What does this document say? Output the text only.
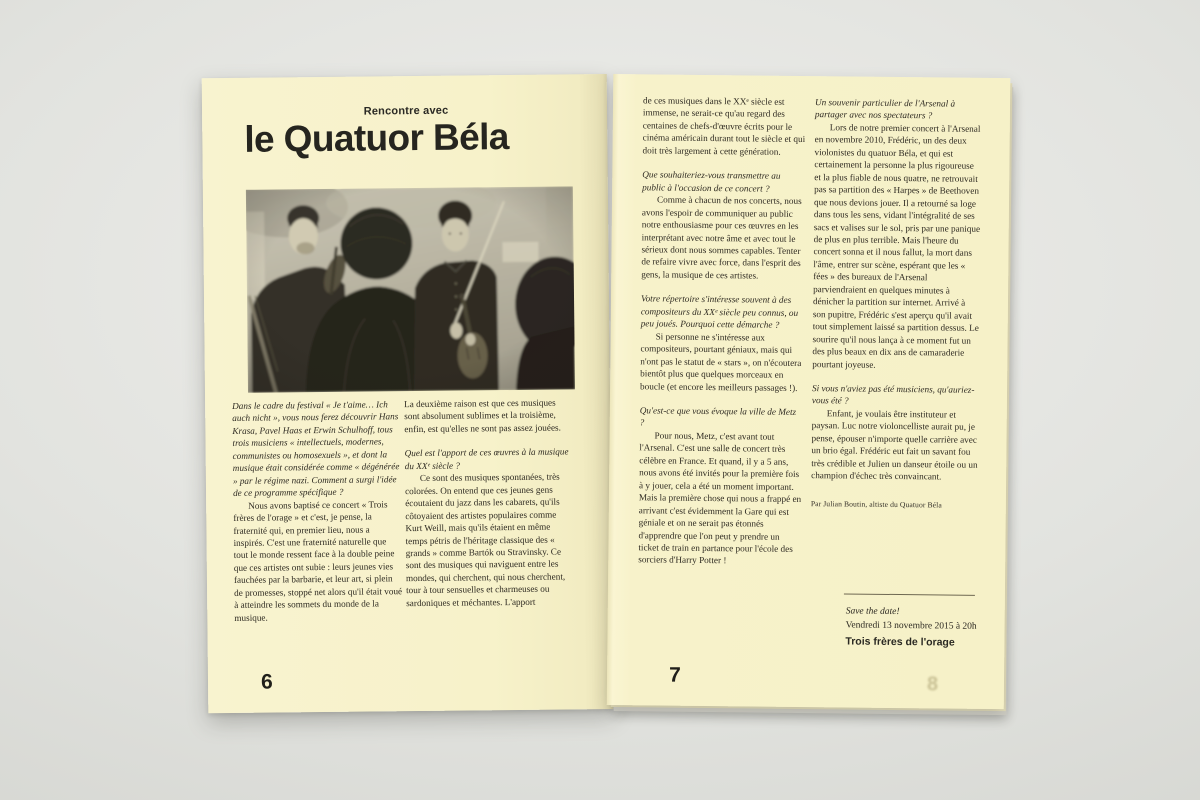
Rencontre avec
le Quatuor Béla

Dans le cadre du festival « Je t'aime… Ich auch nicht », vous nous ferez découvrir Hans Krasa, Pavel Haas et Erwin Schulhoff, tous trois musiciens « intellectuels, modernes, communistes ou homosexuels », et dont la musique était considérée comme « dégénérée » par le régime nazi. Comment a surgi l'idée de ce programme spécifique ?

Nous avons baptisé ce concert « Trois frères de l'orage » et c'est, je pense, la fraternité qui, en premier lieu, nous a inspirés. C'est une fraternité naturelle que tout le monde ressent face à la double peine que ces artistes ont subie : leurs jeunes vies fauchées par la barbarie, et leur art, si plein de promesses, stoppé net alors qu'il était voué à atteindre les sommets du monde de la musique.

La deuxième raison est que ces musiques sont absolument sublimes et la troisième, enfin, est qu'elles ne sont pas assez jouées.

Quel est l'apport de ces œuvres à la musique du XXᵉ siècle ?

Ce sont des musiques spontanées, très colorées. On entend que ces jeunes gens écoutaient du jazz dans les cabarets, qu'ils côtoyaient des artistes populaires comme Kurt Weill, mais qu'ils étaient en même temps pétris de l'héritage classique des « grands » comme Bartók ou Stravinsky. Ce sont des musiques qui naviguent entre les mondes, qui cherchent, qui nous cherchent, tour à tour sensuelles et charmeuses ou sardoniques et méchantes. L'apport

6

de ces musiques dans le XXᵉ siècle est immense, ne serait-ce qu'au regard des centaines de chefs-d'œuvre écrits pour le cinéma américain durant tout le siècle et qui doit très largement à cette génération.

Que souhaiteriez-vous transmettre au public à l'occasion de ce concert ?

Comme à chacun de nos concerts, nous avons l'espoir de communiquer au public notre enthousiasme pour ces œuvres en les interprétant avec notre âme et avec tout le sérieux dont nous sommes capables. Tenter de refaire vivre avec force, dans l'esprit des gens, la musique de ces artistes.

Votre répertoire s'intéresse souvent à des compositeurs du XXᵉ siècle peu connus, ou peu joués. Pourquoi cette démarche ?

Si personne ne s'intéresse aux compositeurs, pourtant géniaux, mais qui n'ont pas le statut de « stars », on n'écoutera bientôt plus que quelques morceaux en boucle (et encore les meilleurs passages !).

Qu'est-ce que vous évoque la ville de Metz ?

Pour nous, Metz, c'est avant tout l'Arsenal. C'est une salle de concert très célèbre en France. Et quand, il y a 5 ans, nous avons été invités pour la première fois à y jouer, cela a été un moment important. Mais la première chose qui nous a frappé en arrivant c'est évidemment la Gare qui est géniale et on ne serait pas étonnés d'apprendre que l'on peut y prendre un ticket de train en partance pour l'école des sorciers d'Harry Potter !

Un souvenir particulier de l'Arsenal à partager avec nos spectateurs ?

Lors de notre premier concert à l'Arsenal en novembre 2010, Frédéric, un des deux violonistes du quatuor Béla, et qui est certainement la personne la plus rigoureuse et la plus fiable de nous quatre, ne retrouvait pas sa partition des « Harpes » de Beethoven que nous devions jouer. Il a retourné sa loge dans tous les sens, vidant l'intégralité de ses sacs et valises sur le sol, pris par une panique de plus en plus terrible. Mais l'heure du concert sonna et il nous fallut, la mort dans l'âme, entrer sur scène, espérant que les « fées » des bureaux de l'Arsenal parviendraient en quelques minutes à dénicher la partition sur internet. Arrivé à son pupitre, Frédéric s'est aperçu qu'il avait tout simplement laissé sa partition dessus. Le sourire qu'il nous lança à ce moment fut un des plus beaux en dix ans de camaraderie pourtant joyeuse.

Si vous n'aviez pas été musiciens, qu'auriez-vous été ?

Enfant, je voulais être instituteur et paysan. Luc notre violoncelliste aurait pu, je pense, épouser n'importe quelle carrière avec un brio égal. Frédéric eut fait un savant fou très crédible et Julien un danseur étoile ou un champion d'échec très convaincant.

Par Julian Boutin, altiste du Quatuor Béla

Save the date!
Vendredi 13 novembre 2015 à 20h
Trois frères de l'orage
7	8
